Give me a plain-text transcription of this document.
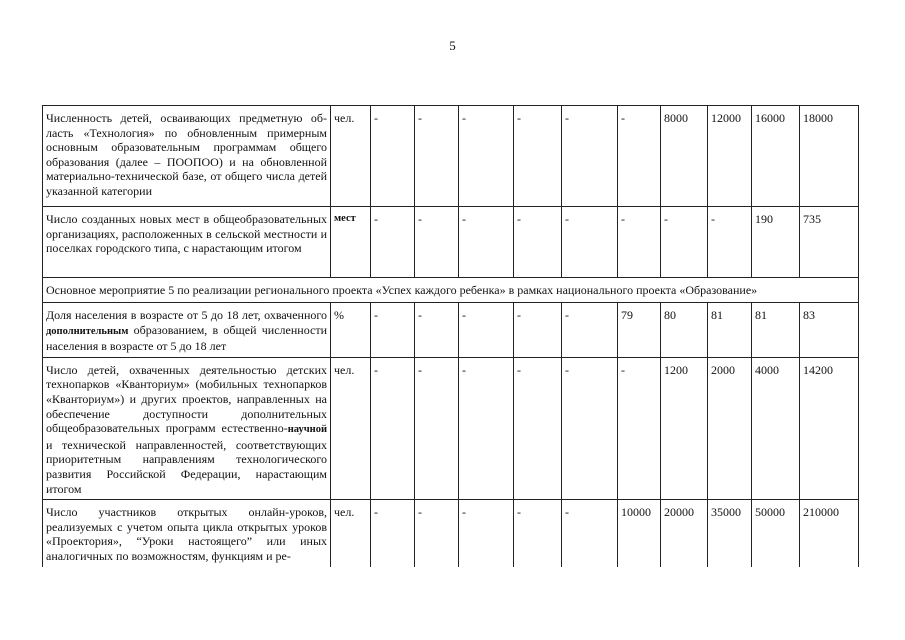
5
Численность детей, осваивающих предметную об-ласть «Технология» по обновленным примерным основным образовательным программам общего образования (далее – ПООПОО) и на обновленной материально-технической базе, от общего числа детей указанной категории	чел.	-	-	-	-	-	-	8000	12000	16000	18000
Число созданных новых мест в общеобразовательных организациях, расположенных в сельской местности и поселках городского типа, с нарастающим итогом	мест	-	-	-	-	-	-	-	-	190	735
Основное мероприятие 5 по реализации регионального проекта «Успех каждого ребенка» в рамках национального проекта «Образование»											
Доля населения в возрасте от 5 до 18 лет, охваченного дополнительным образованием, в общей численности населения в возрасте от 5 до 18 лет	%	-	-	-	-	-	79	80	81	81	83
Число детей, охваченных деятельностью детских технопарков «Кванториум» (мобильных технопарков «Кванториум») и других проектов, направленных на обеспечение доступности дополнительных общеобразовательных программ естественно-научной и технической направленностей, соответствующих приоритетным направлениям технологического развития Российской Федерации, нарастающим итогом	чел.	-	-	-	-	-	-	1200	2000	4000	14200
Число участников открытых онлайн-уроков, реализуемых с учетом опыта цикла открытых уроков «Проектория», “Уроки настоящего” или иных аналогичных по возможностям, функциям и ре-	чел.	-	-	-	-	-	10000	20000	35000	50000	210000
